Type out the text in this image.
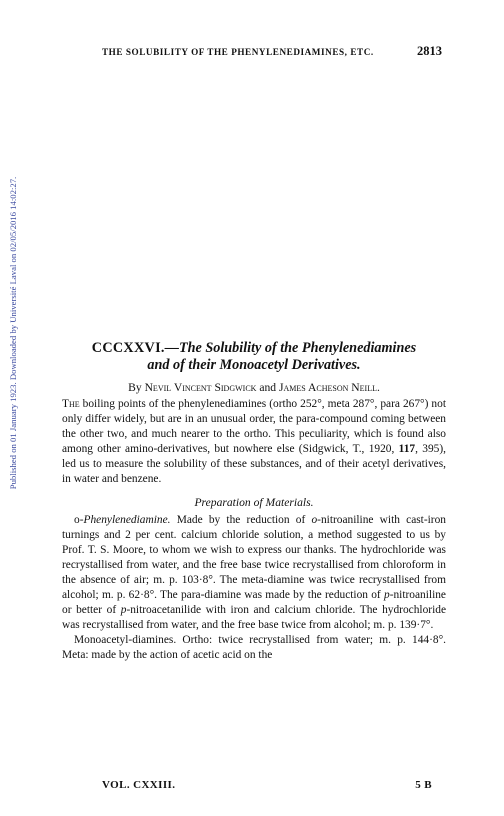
Published on 01 January 1923. Downloaded by Université Laval on 02/05/2016 14:02:27.
THE SOLUBILITY OF THE PHENYLENEDIAMINES, ETC.	2813
CCCXXVI.—The Solubility of the Phenylenediamines
and of their Monoacetyl Derivatives.
By Nevil Vincent Sidgwick and James Acheson Neill.

The boiling points of the phenylenediamines (ortho 252°, meta 287°, para 267°) not only differ widely, but are in an unusual order, the para-compound coming between the other two, and much nearer to the ortho. This peculiarity, which is found also among other amino-derivatives, but nowhere else (Sidgwick, T., 1920, 117, 395), led us to measure the solubility of these substances, and of their acetyl derivatives, in water and benzene.

Preparation of Materials.

o-Phenylenediamine. Made by the reduction of o-nitroaniline with cast-iron turnings and 2 per cent. calcium chloride solution, a method suggested to us by Prof. T. S. Moore, to whom we wish to express our thanks. The hydrochloride was recrystallised from water, and the free base twice recrystallised from chloroform in the absence of air; m. p. 103·8°. The meta-diamine was twice recrystallised from alcohol; m. p. 62·8°. The para-diamine was made by the reduction of p-nitroaniline or better of p-nitroacetanilide with iron and calcium chloride. The hydrochloride was recrystallised from water, and the free base twice from alcohol; m. p. 139·7°.

Monoacetyl-diamines. Ortho: twice recrystallised from water; m. p. 144·8°. Meta: made by the action of acetic acid on the

VOL. CXXIII.	5 B
